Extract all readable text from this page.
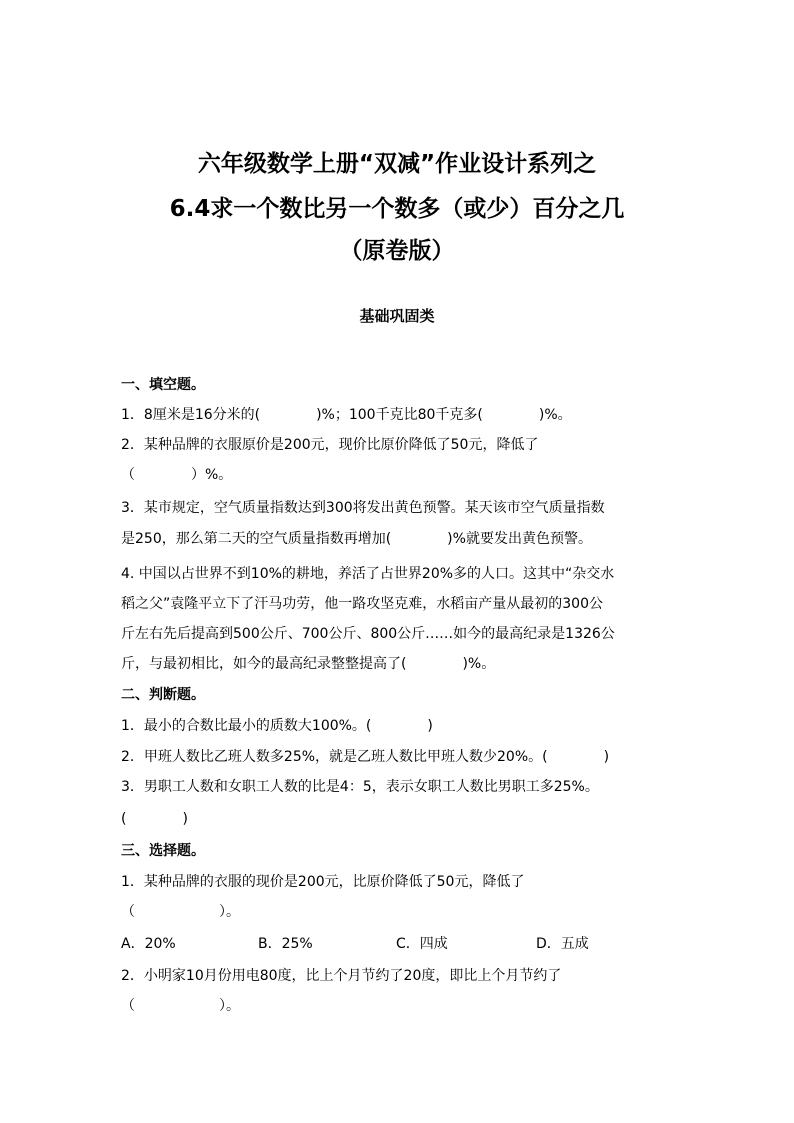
六年级数学上册“双减”作业设计系列之
6.4求一个数比另一个数多（或少）百分之几
（原卷版）
基础巩固类
一、填空题。
1．8厘米是16分米的(　　　　)%；100千克比80千克多(　　　　)%。
2．某种品牌的衣服原价是200元，现价比原价降低了50元，降低了
（　　　　）%。
3．某市规定，空气质量指数达到300将发出黄色预警。某天该市空气质量指数
是250，那么第二天的空气质量指数再增加(　　　　)%就要发出黄色预警。
4. 中国以占世界不到10%的耕地，养活了占世界20%多的人口。这其中“杂交水
稻之父”袁隆平立下了汗马功劳，他一路攻坚克难，水稻亩产量从最初的300公
斤左右先后提高到500公斤、700公斤、800公斤……如今的最高纪录是1326公
斤，与最初相比，如今的最高纪录整整提高了(　　　　)%。
二、判断题。
1．最小的合数比最小的质数大100%。(　　　　)
2．甲班人数比乙班人数多25%，就是乙班人数比甲班人数少20%。(　　　　)
3．男职工人数和女职工人数的比是4：5，表示女职工人数比男职工多25%。
(　　　　)
三、选择题。
1．某种品牌的衣服的现价是200元，比原价降低了50元，降低了
（　　　　　　）。
A．20%	B．25%	C．四成	D．五成
2．小明家10月份用电80度，比上个月节约了20度，即比上个月节约了
（　　　　　　）。
